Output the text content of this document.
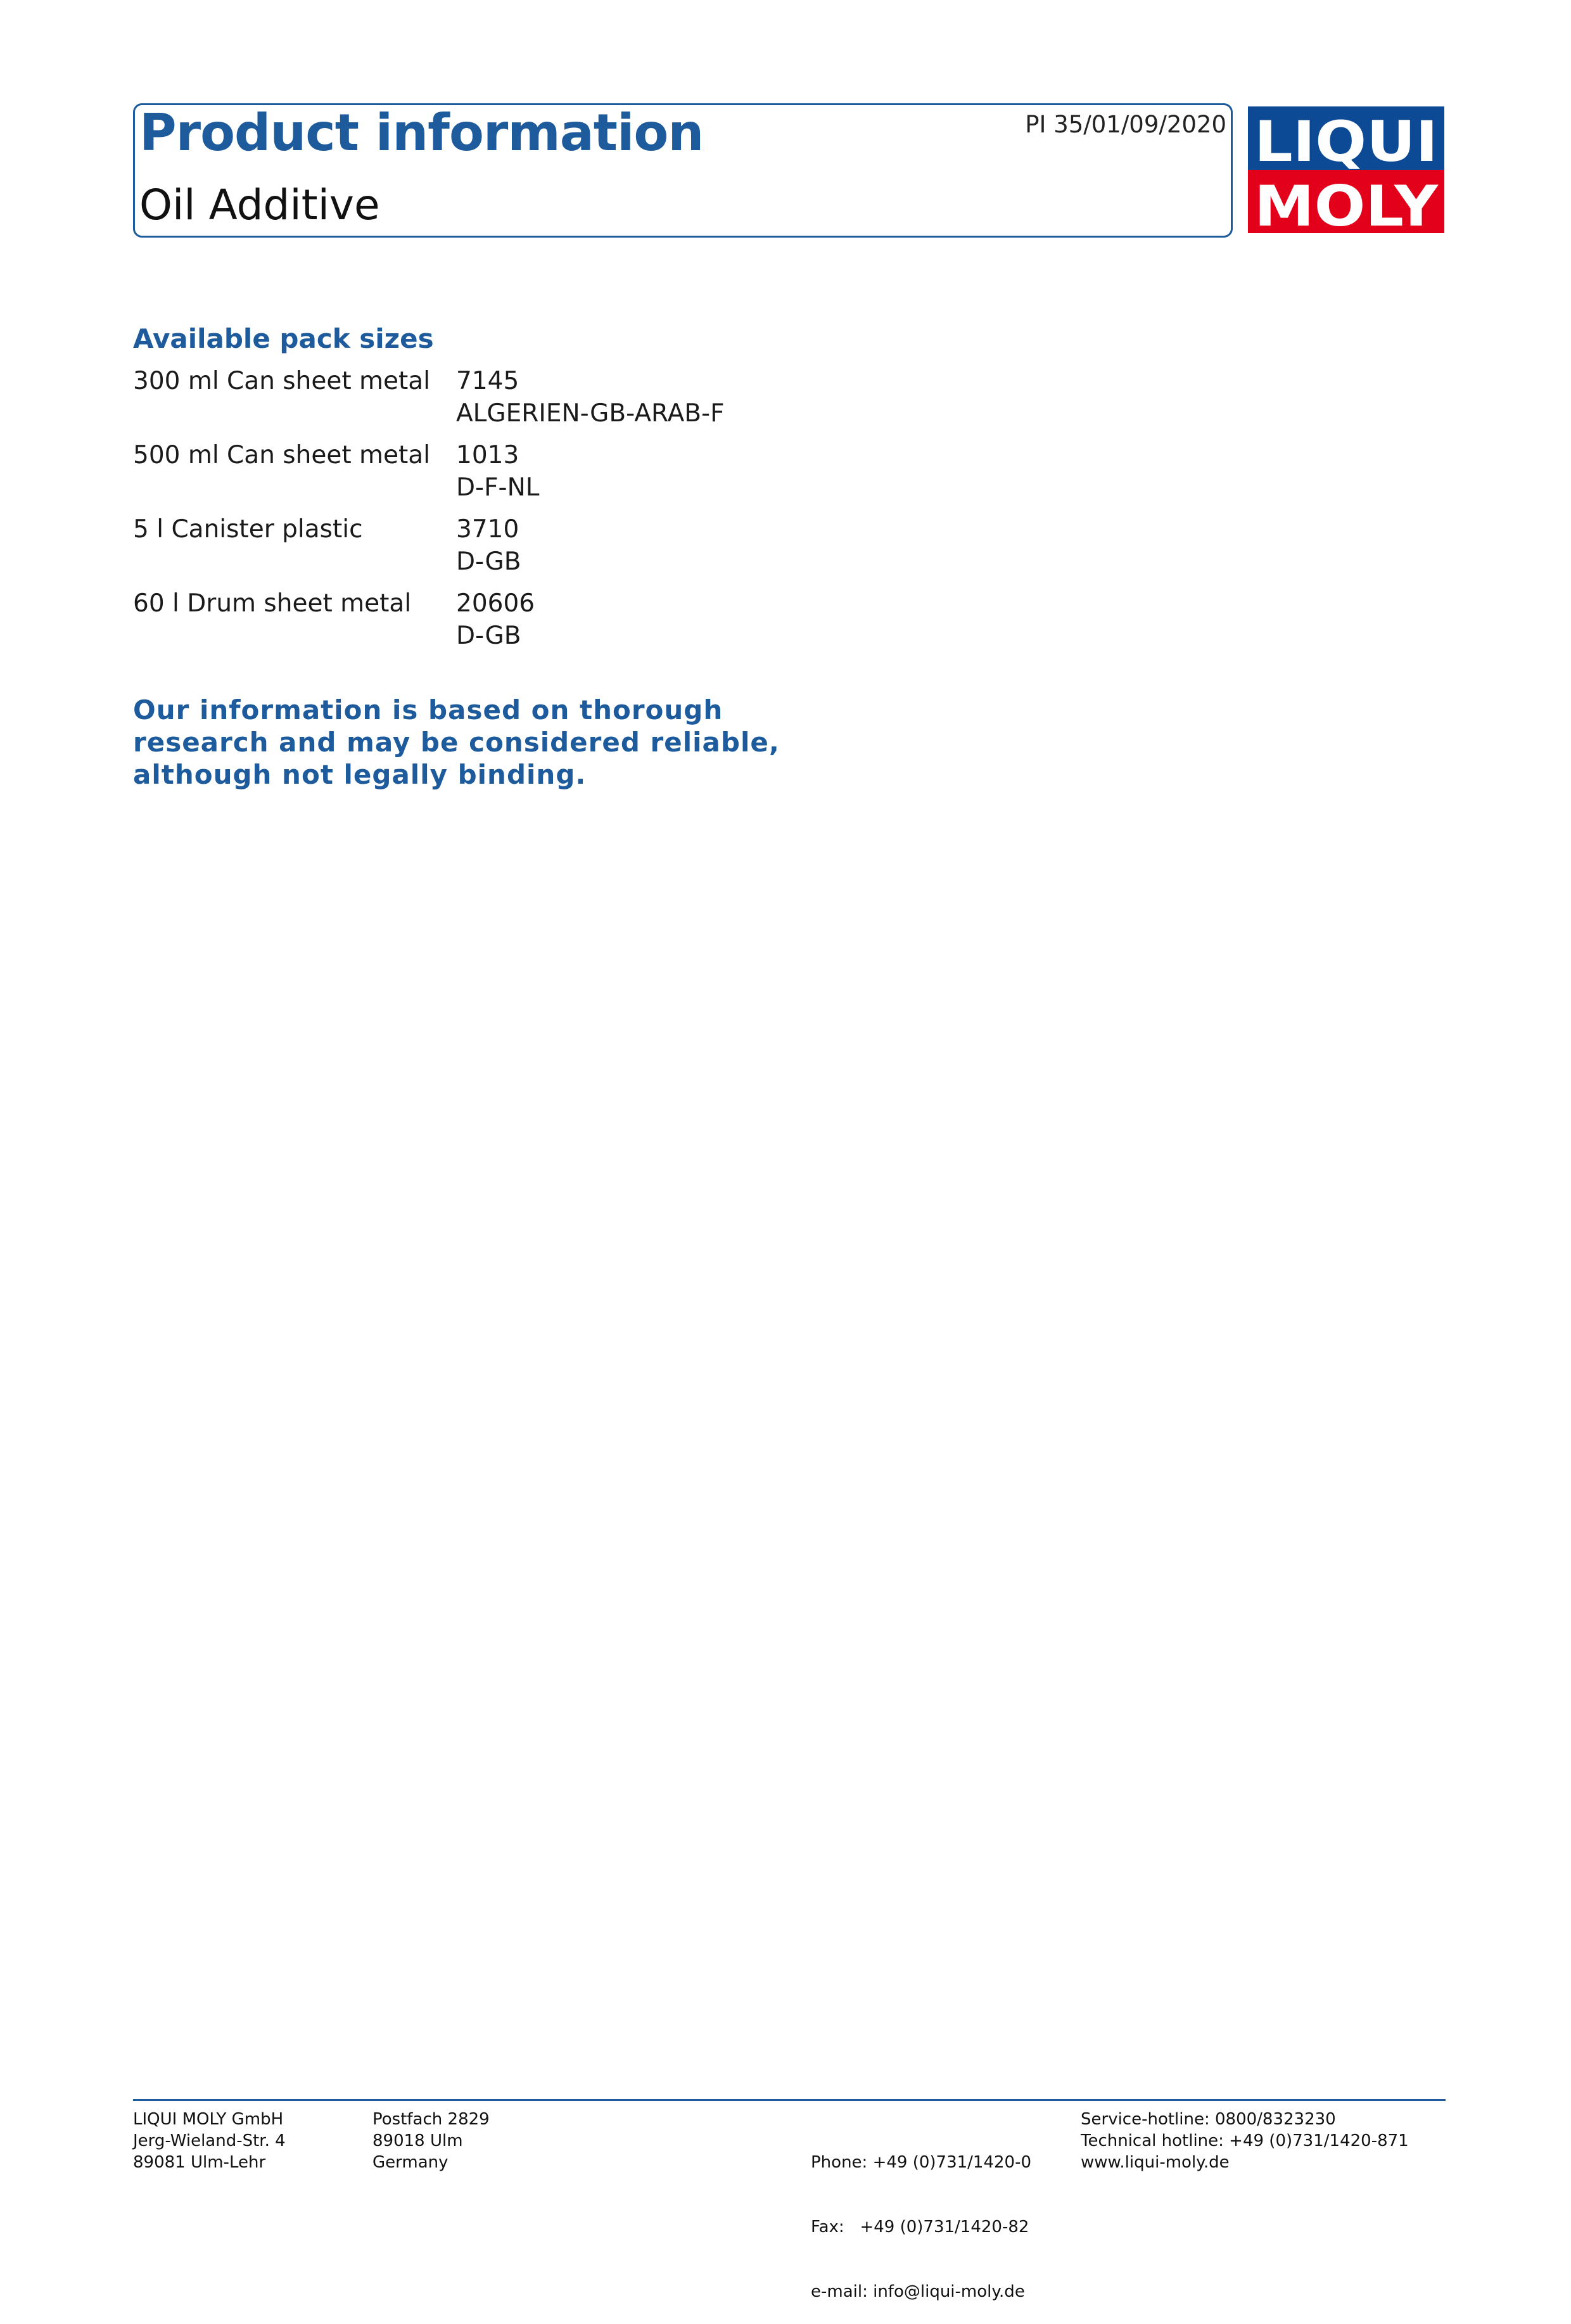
Product information
Oil Additive
PI 35/01/09/2020 LIQUI
MOLY
Available pack sizes
300 ml Can sheet metal	7145
ALGERIEN-GB-ARAB-F
500 ml Can sheet metal	1013
D-F-NL
5 l Canister plastic	3710
D-GB
60 l Drum sheet metal	20606
D-GB
Our information is based on thorough research and may be considered reliable, although not legally binding.
LIQUI MOLY GmbH
Jerg-Wieland-Str. 4
89081 Ulm-Lehr
Postfach 2829
89018 Ulm
Germany

	Phone: +49 (0)731/1420-0

Fax:   +49 (0)731/1420-82

e-mail: info@liqui-moly.de

Service-hotline: 0800/8323230
Technical hotline: +49 (0)731/1420-871
www.liqui-moly.de
